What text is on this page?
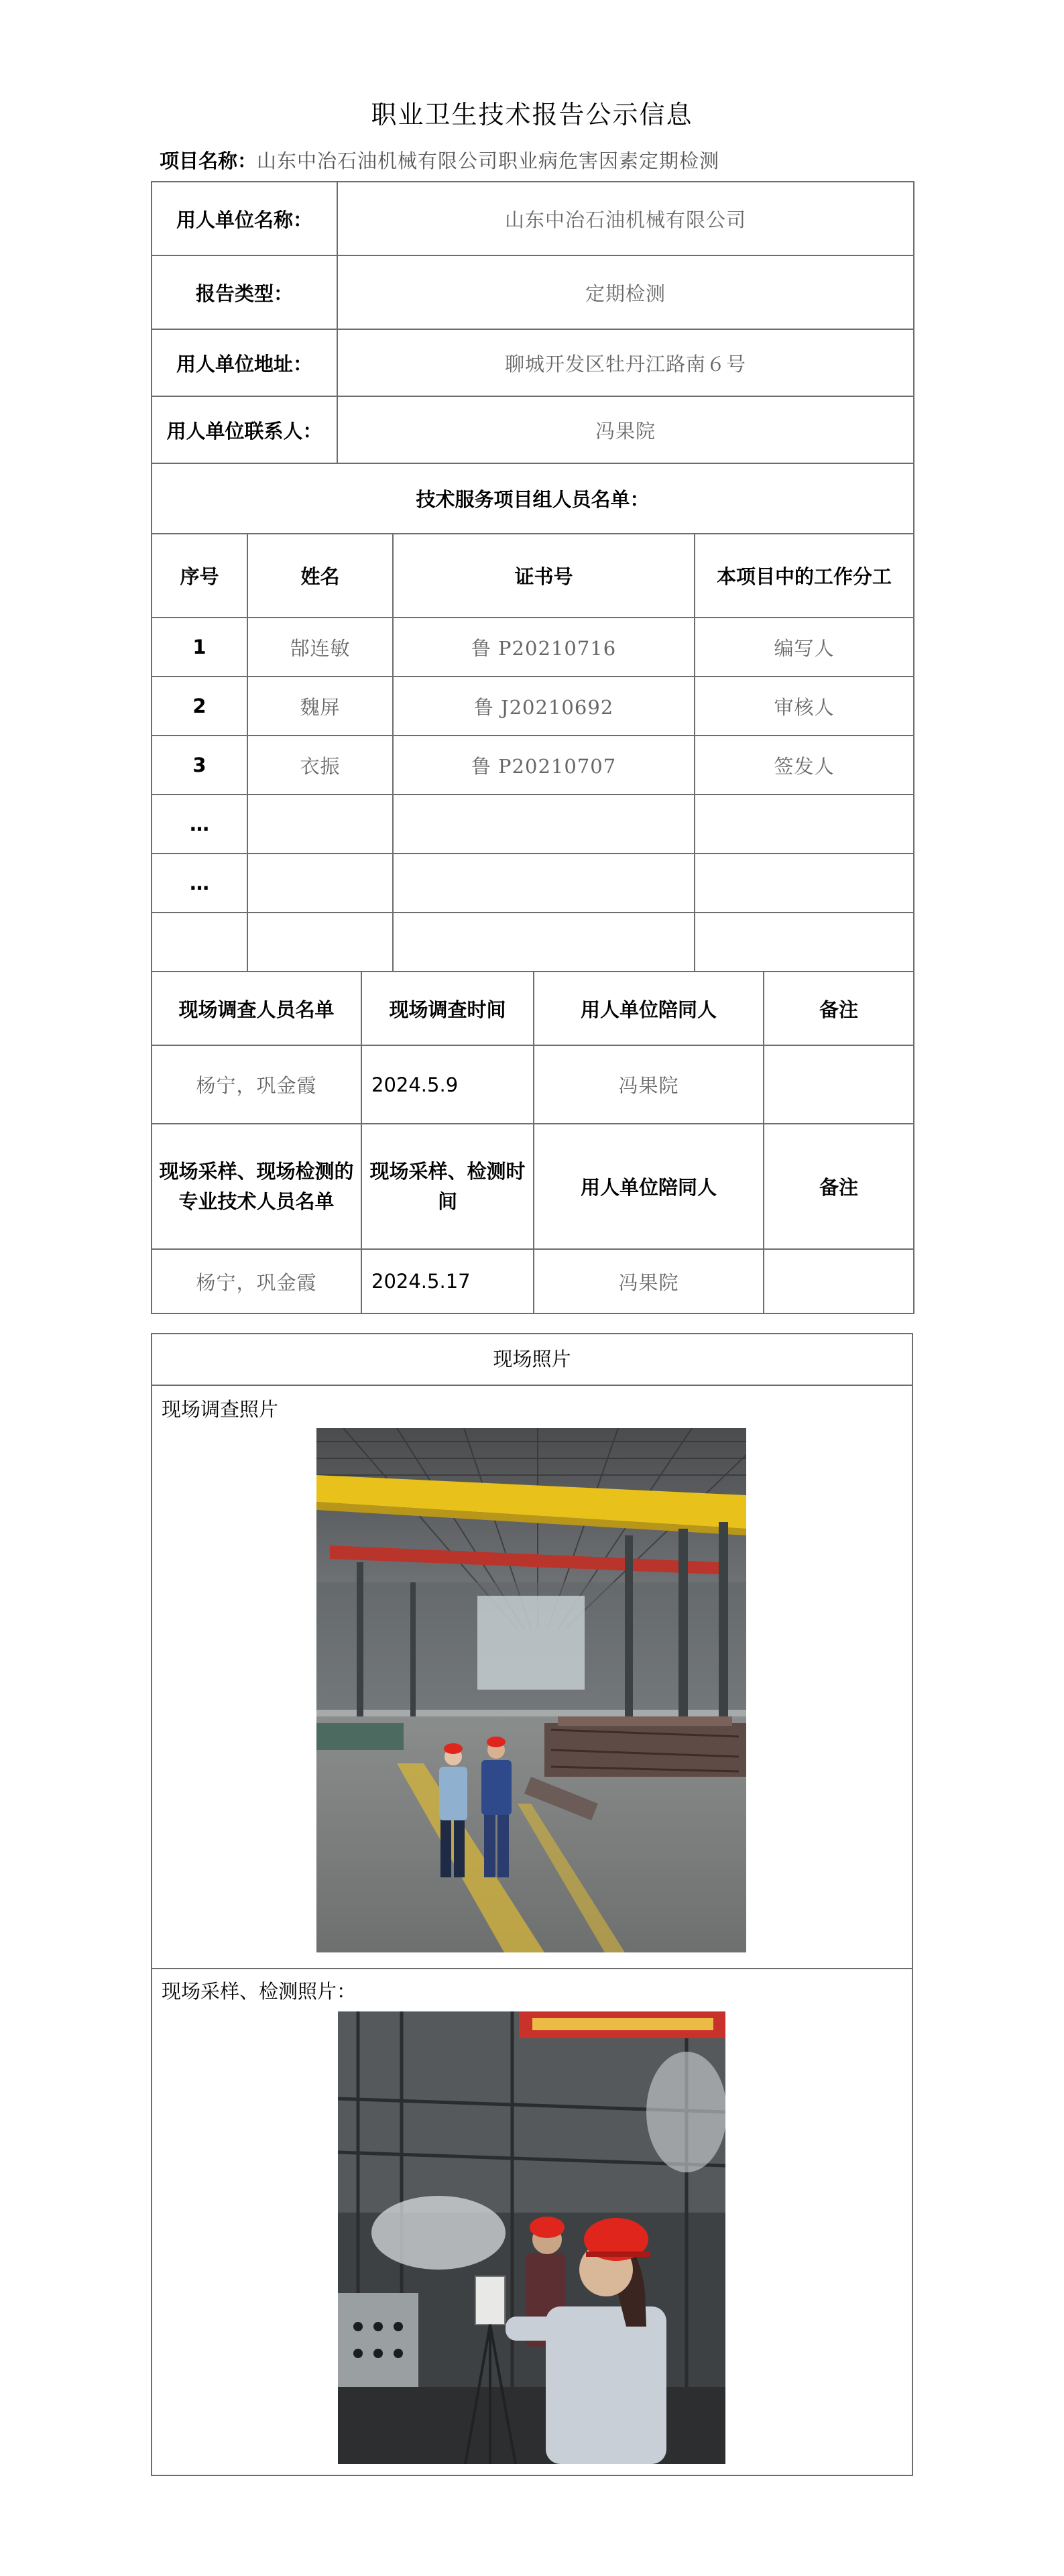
职业卫生技术报告公示信息
项目名称：山东中冶石油机械有限公司职业病危害因素定期检测
用人单位名称：	山东中冶石油机械有限公司
报告类型：	定期检测
用人单位地址：	聊城开发区牡丹江路南６号
用人单位联系人：	冯果院
技术服务项目组人员名单：			
序号	姓名	证书号	本项目中的工作分工
1	郜连敏	鲁 P20210716	编写人
2	魏屏	鲁 J20210692	审核人
3	衣振	鲁 P20210707	签发人
…			
…			

现场调查人员名单	现场调查时间	用人单位陪同人	备注
杨宁，巩金霞	2024.5.9	冯果院	
现场采样、现场检测的专业技术人员名单	现场采样、检测时间	用人单位陪同人	备注
杨宁，巩金霞	2024.5.17	冯果院	
现场照片
现场调查照片
现场采样、检测照片：
